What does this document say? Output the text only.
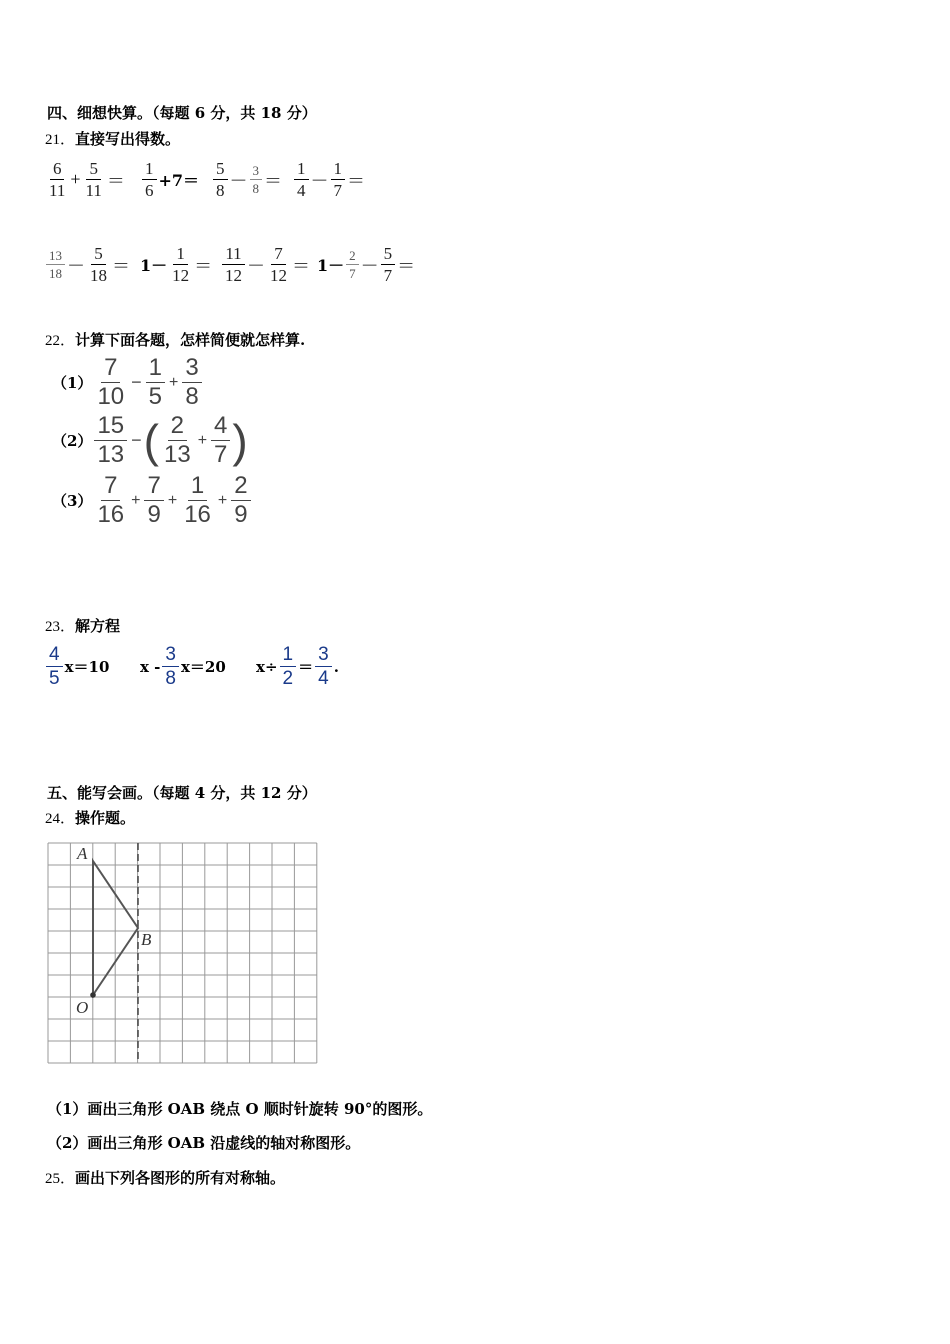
四、细想快算。（每题 6 分，共 18 分）
21．直接写出得数。
$\frac{6}{11} + \frac{5}{11} = \frac{1}{6} +7= \frac{5}{8} - \frac{3}{8} = \frac{1}{4} - \frac{1}{7}$ ＝
$\frac{13}{18} - \frac{5}{18} = 1- \frac{1}{12} = \frac{11}{12} - \frac{7}{12} = 1- \frac{2}{7} - \frac{5}{7}$ ＝
22．计算下面各题，怎样简便就怎样算.
$(1) \frac{7}{10} - \frac{1}{5} + \frac{3}{8}$
$(2) \frac{15}{13}$ −( $\frac{2}{13} + \frac{4}{7}$ )
$(3) \frac{7}{16} + \frac{7}{9} + \frac{1}{16} + \frac{2}{9}$
23．解方程
$\frac{4}{5} x=10$ $x - \frac{3}{8} x=20$ $x\div \frac{1}{2} = \frac{3}{4}$ .
五、能写会画。（每题 4 分，共 12 分）
24．操作题。
A
B
O
（1）画出三角形 OAB 绕点 O 顺时针旋转 90°的图形。
（2）画出三角形 OAB 沿虚线的轴对称图形。
25．画出下列各图形的所有对称轴。
